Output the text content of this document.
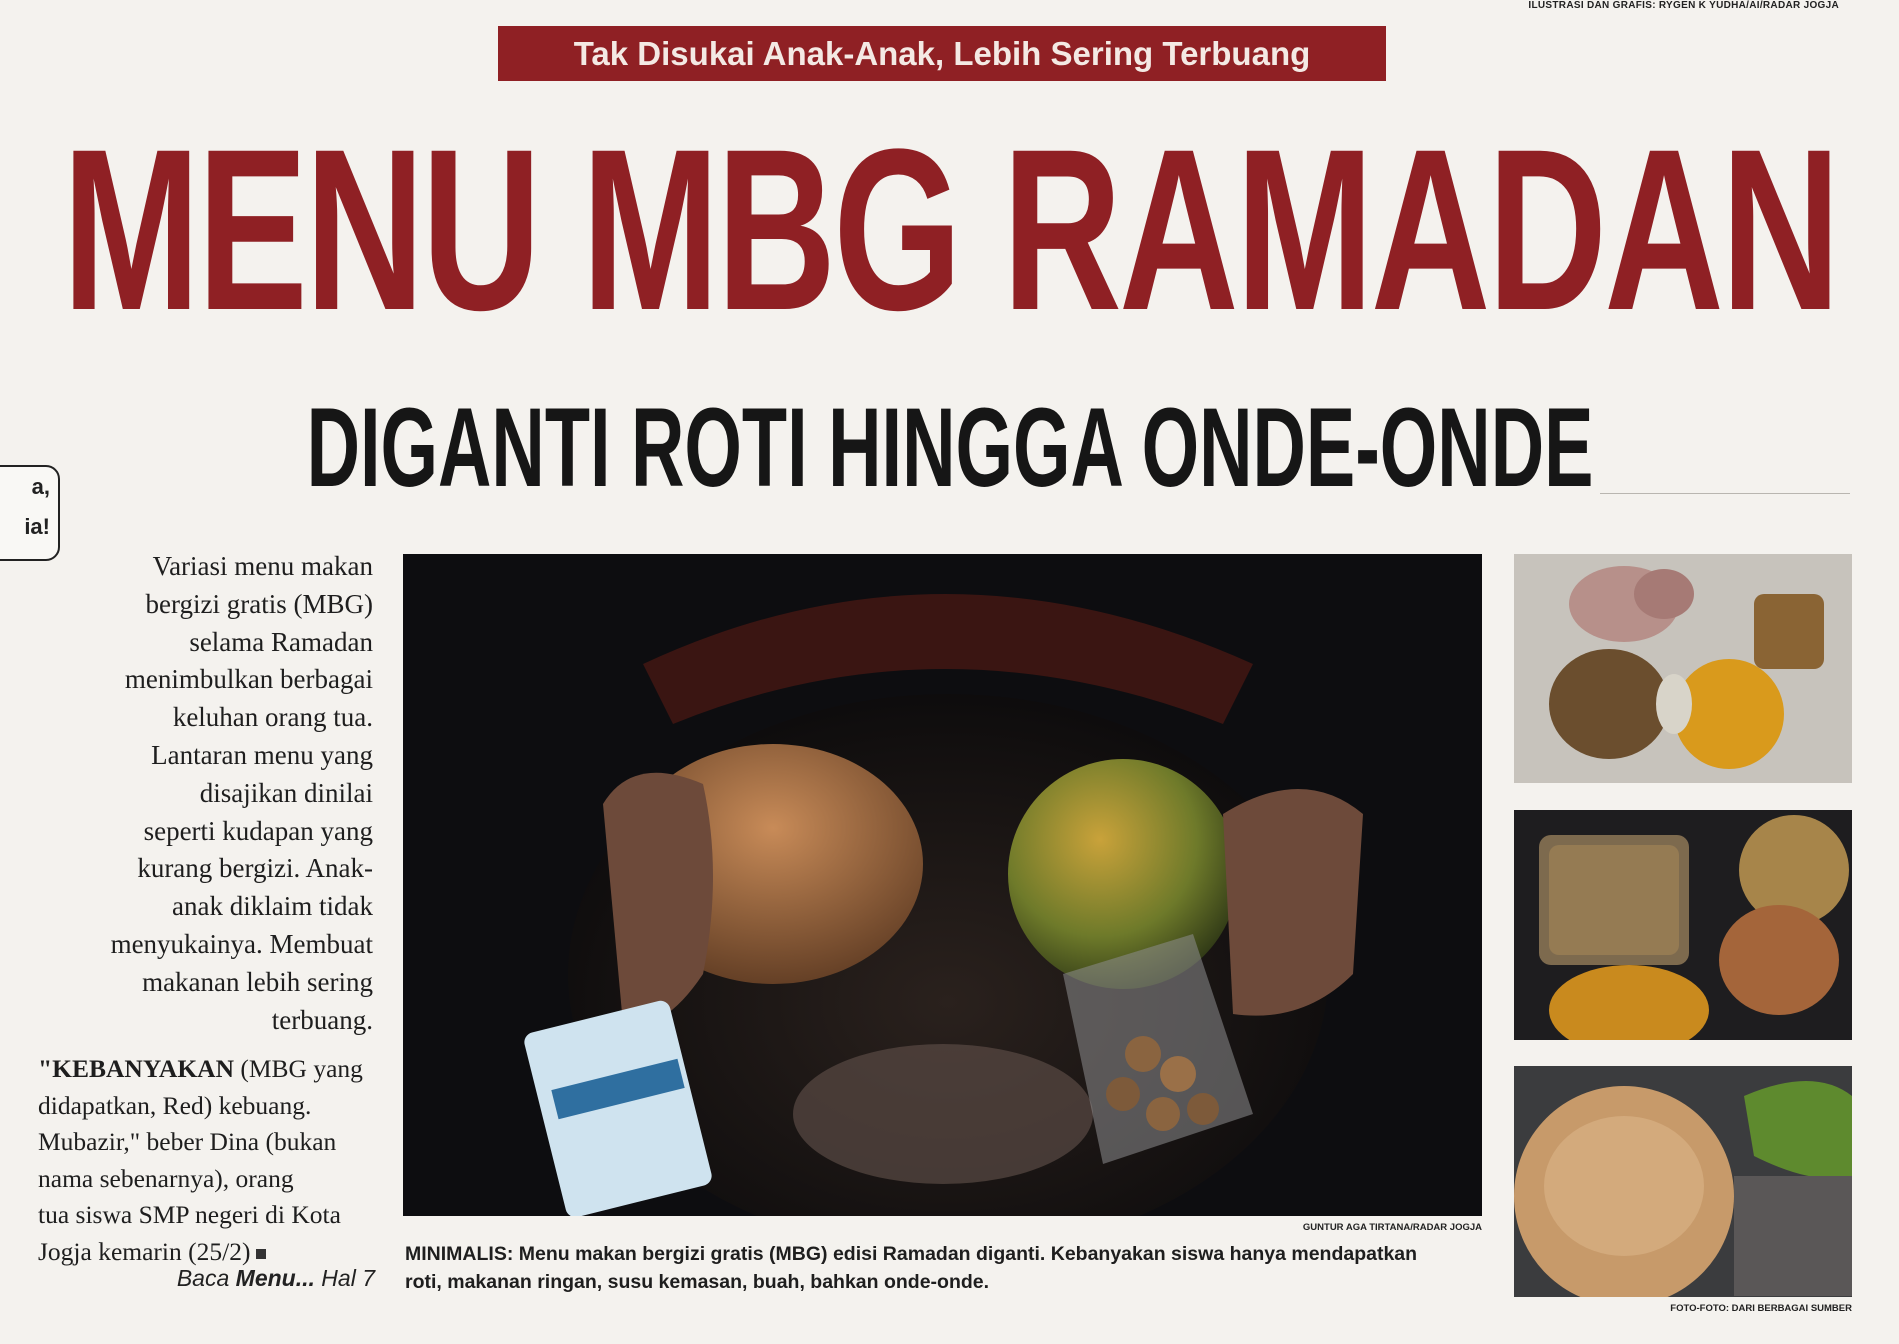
ILUSTRASI DAN GRAFIS: RYGEN K YUDHA/AI/RADAR JOGJA
Tak Disukai Anak-Anak, Lebih Sering Terbuang
MENU MBG RAMADAN
DIGANTI ROTI HINGGA ONDE-ONDE
a,
ia!

Variasi menu makan
bergizi gratis (MBG)
selama Ramadan
menimbulkan berbagai
keluhan orang tua.
Lantaran menu yang
disajikan dinilai
seperti kudapan yang
kurang bergizi. Anak-
anak diklaim tidak
menyukainya. Membuat
makanan lebih sering
terbuang.

"KEBANYAKAN (MBG yang
didapatkan, Red) kebuang.
Mubazir," beber Dina (bukan
nama sebenarnya), orang
tua siswa SMP negeri di Kota
Jogja kemarin (25/2)

Baca Menu... Hal 7
GUNTUR AGA TIRTANA/RADAR JOGJA

MINIMALIS: Menu makan bergizi gratis (MBG) edisi Ramadan diganti. Kebanyakan siswa hanya mendapatkan
roti, makanan ringan, susu kemasan, buah, bahkan onde-onde.

FOTO-FOTO: DARI BERBAGAI SUMBER
